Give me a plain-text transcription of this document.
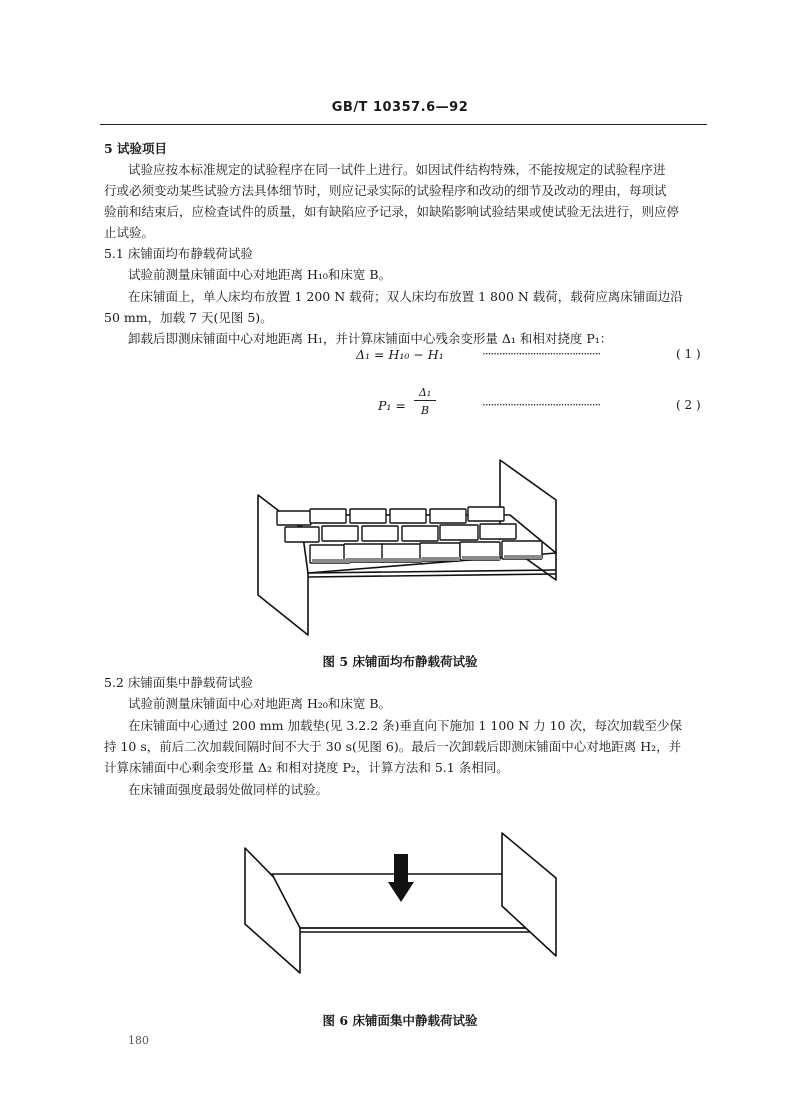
GB/T 10357.6—92
5 试验项目
试验应按本标准规定的试验程序在同一试件上进行。如因试件结构特殊，不能按规定的试验程序进
行或必须变动某些试验方法具体细节时，则应记录实际的试验程序和改动的细节及改动的理由，每项试
验前和结束后，应检查试件的质量，如有缺陷应予记录，如缺陷影响试验结果或使试验无法进行，则应停
止试验。
5.1 床铺面均布静载荷试验
试验前测量床铺面中心对地距离 H₁₀和床宽 B。
在床铺面上，单人床均布放置 1 200 N 载荷；双人床均布放置 1 800 N 载荷，载荷应离床铺面边沿
50 mm，加载 7 天(见图 5)。
卸载后即测床铺面中心对地距离 H₁，并计算床铺面中心残余变形量 Δ₁ 和相对挠度 P₁：
Δ₁ = H₁₀ − H₁	··········································	( 1 )
P₁ =
Δ₁
B	··········································	( 2 )
图 5 床铺面均布静载荷试验
5.2 床铺面集中静载荷试验
试验前测量床铺面中心对地距离 H₂₀和床宽 B。
在床铺面中心通过 200 mm 加载垫(见 3.2.2 条)垂直向下施加 1 100 N 力 10 次，每次加载至少保
持 10 s，前后二次加载间隔时间不大于 30 s(见图 6)。最后一次卸载后即测床铺面中心对地距离 H₂，并
计算床铺面中心剩余变形量 Δ₂ 和相对挠度 P₂，计算方法和 5.1 条相同。
在床铺面强度最弱处做同样的试验。
图 6 床铺面集中静载荷试验
180
